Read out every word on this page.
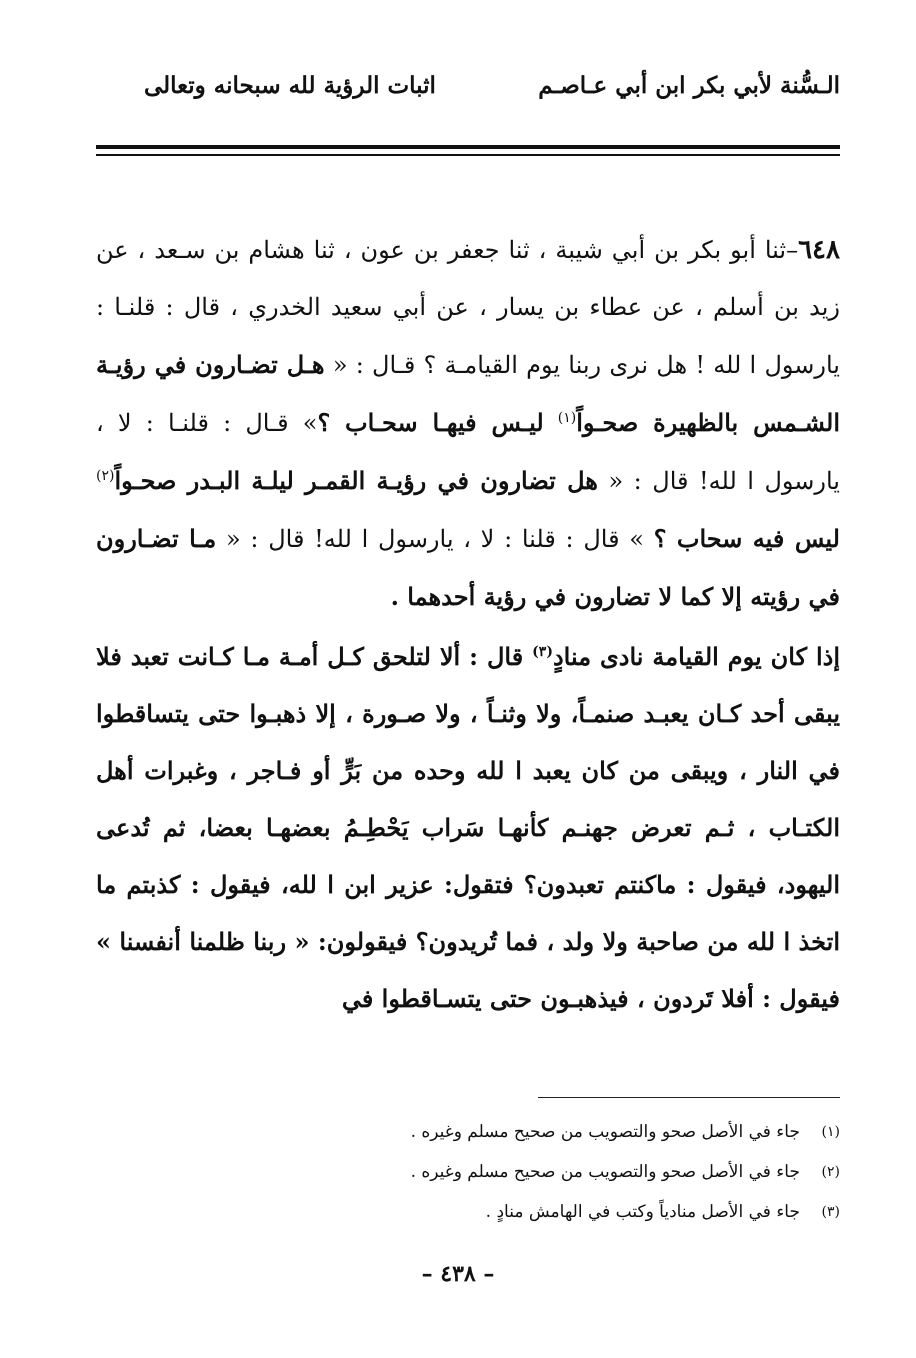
الـسُّنة لأبي بكر ابن أبي عـاصـم
اثبات الرؤية لله سبحانه وتعالى

٦٤٨–ثنا أبو بكر بن أبي شيبة ، ثنا جعفر بن عون ، ثنا هشام بن سـعد ، عن زيد بن أسلم ، عن عطاء بن يسار ، عن أبي سعيد الخدري ، قال : قلنـا : يارسول ا لله ! هل نرى ربنا يوم القيامـة ؟ قـال : « هـل تضـارون في رؤيـة الشـمس بالظهيرة صحـواً$^{(١)}$ ليـس فيهـا سحـاب ؟» قـال : قلنـا : لا ، يارسول ا لله! قال : « هل تضارون في رؤيـة القمـر ليلـة البـدر صحـواً$^{(٢)}$ ليس فيه سحاب ؟ » قال : قلنا : لا ، يارسول ا لله! قال : « مـا تضـارون في رؤيته إلا كما لا تضارون في رؤية أحدهما .

إذا كان يوم القيامة نادى منادٍ$^{(٣)}$ قال : ألا لتلحق كـل أمـة مـا كـانت تعبد فلا يبقى أحد كـان يعبـد صنمـاً، ولا وثنـاً ، ولا صـورة ، إلا ذهبـوا حتى يتساقطوا في النار ، ويبقى من كان يعبد ا لله وحده من بَرٍّ أو فـاجر ، وغبرات أهل الكتـاب ، ثـم تعرض جهنـم كأنهـا سَراب يَحْطِـمُ بعضهـا بعضا، ثم تُدعى اليهود، فيقول : ماكنتم تعبدون؟ فتقول: عزير ابن ا لله، فيقول : كذبتم ما اتخذ ا لله من صاحبة ولا ولد ، فما تُريدون؟ فيقولون: « ربنا ظلمنا أنفسنا » فيقول : أفلا تَردون ، فيذهبـون حتى يتسـاقطوا في

(١)
جاء في الأصل صحو والتصويب من صحيح مسلم وغيره .
(٢)
جاء في الأصل صحو والتصويب من صحيح مسلم وغيره .
(٣)
جاء في الأصل منادياً وكتب في الهامش منادٍ .
– ٤٣٨ –
